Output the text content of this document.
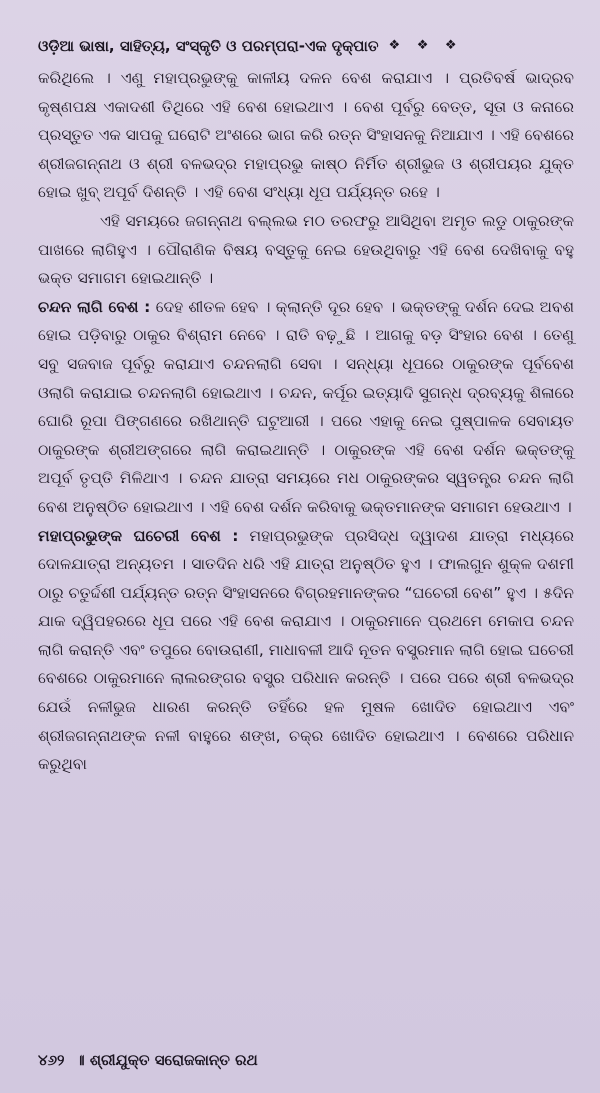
ଓଡ଼ିଆ ଭାଷା, ସାହିତ୍ୟ, ସଂସ୍କୃତି ଓ ପରମ୍ପରା-ଏକ ଦୃକ୍‌ପାତ ❖ ❖ ❖

କରିଥିଲେ । ଏଣୁ ମହାପ୍ରଭୁଙ୍କୁ କାଳୀୟ ଦଳନ ବେଶ କରାଯାଏ । ପ୍ରତିବର୍ଷ ଭାଦ୍ରବ କୃଷ୍ଣପକ୍ଷ ଏକାଦଶୀ ତିଥିରେ ଏହି ବେଶ ହୋଇଥାଏ । ବେଶ ପୂର୍ବରୁ ବେତ୍ତ, ସୂତା ଓ କନାରେ ପ୍ରସ୍ତୁତ ଏକ ସାପକୁ ଘରୋଟି ଅଂଶରେ ଭାଗ କରି ରତ୍ନ ସିଂହାସନକୁ ନିଆଯାଏ । ଏହି ବେଶରେ ଶ୍ରୀଜଗନ୍ନାଥ ଓ ଶ୍ରୀ ବଳଭଦ୍ର ମହାପ୍ରଭୁ କାଷ୍ଠ ନିର୍ମିତ ଶ୍ରୀଭୁଜ ଓ ଶ୍ରୀପୟର ଯୁକ୍ତ ହୋଇ ଖୁବ୍ ଅପୂର୍ବ ଦିଶନ୍ତି । ଏହି ବେଶ ସଂଧ୍ୟା ଧୂପ ପର୍ଯ୍ୟନ୍ତ ରହେ ।

ଏହି ସମୟରେ ଜଗନ୍ନାଥ ବଲ୍ଲଭ ମଠ ତରଫରୁ ଆସିଥିବା ଅମୃତ ଲଡୁ ଠାକୁରଙ୍କ ପାଖରେ ଲାଗିହୁଏ । ପୌରାଣିକ ବିଷୟ ବସ୍ତୁକୁ ନେଇ ହେଉଥିବାରୁ ଏହି ବେଶ ଦେଖିବାକୁ ବହୁ ଭକ୍ତ ସମାଗମ ହୋଇଥାନ୍ତି ।

ଚନ୍ଦନ ଲାଗି ବେଶ : ଦେହ ଶୀତଳ ହେବ । କ୍ଲାନ୍ତି ଦୂର ହେବ । ଭକ୍ତଙ୍କୁ ଦର୍ଶନ ଦେଇ ଅବଶ ହୋଇ ପଡ଼ିବାରୁ ଠାକୁର ବିଶ୍ରାମ ନେବେ । ରାତି ବଢ଼ୁଛି । ଆଗକୁ ବଡ଼ ସିଂହାର ବେଶ । ତେଣୁ ସବୁ ସଜବାଜ ପୂର୍ବରୁ କରାଯାଏ ଚନ୍ଦନଲାଗି ସେବା । ସନ୍ଧ୍ୟା ଧୂପରେ ଠାକୁରଙ୍କ ପୂର୍ବବେଶ ଓଲାଗି କରାଯାଇ ଚନ୍ଦନଲାଗି ହୋଇଥାଏ । ଚନ୍ଦନ, କର୍ପୂର ଇତ୍ୟାଦି ସୁଗନ୍ଧ ଦ୍ରବ୍ୟକୁ ଶିଳାରେ ଘୋରି ରୂପା ପିଙ୍ଗଣରେ ରଖିଥାନ୍ତି ଘଟୁଆରୀ । ପରେ ଏହାକୁ ନେଇ ପୁଷ୍ପାଳକ ସେବାୟତ ଠାକୁରଙ୍କ ଶ୍ରୀଅଙ୍ଗରେ ଲାଗି କରାଇଥାନ୍ତି । ଠାକୁରଙ୍କ ଏହି ବେଶ ଦର୍ଶନ ଭକ୍ତଙ୍କୁ ଅପୂର୍ବ ତୃପ୍ତି ମିଳିଥାଏ । ଚନ୍ଦନ ଯାତ୍ରା ସମୟରେ ମଧ ଠାକୁରଙ୍କର ସ୍ୱତନ୍ତ୍ର ଚନ୍ଦନ ଲାଗି ବେଶ ଅନୁଷ୍ଠିତ ହୋଇଥାଏ । ଏହି ବେଶ ଦର୍ଶନ କରିବାକୁ ଭକ୍ତମାନଙ୍କ ସମାଗମ ହେଉଥାଏ ।

ମହାପ୍ରଭୁଙ୍କ ଘଚେରୀ ବେଶ : ମହାପ୍ରଭୁଙ୍କ ପ୍ରସିଦ୍ଧ ଦ୍ୱାଦଶ ଯାତ୍ରା ମଧ୍ୟରେ ଦୋଳଯାତ୍ରା ଅନ୍ୟତମ । ସାତଦିନ ଧରି ଏହି ଯାତ୍ରା ଅନୁଷ୍ଠିତ ହୁଏ । ଫାଲଗୁନ ଶୁକ୍ଳ ଦଶମୀ ଠାରୁ ଚତୁର୍ଦ୍ଦଶୀ ପର୍ଯ୍ୟନ୍ତ ରତ୍ନ ସିଂହାସନରେ ବିଗ୍ରହମାନଙ୍କର “ଘଚେରୀ ବେଶ” ହୁଏ । ୫ଦିନ ଯାକ ଦ୍ୱିପହରରେ ଧୂପ ପରେ ଏହି ବେଶ କରାଯାଏ । ଠାକୁରମାନେ ପ୍ରଥମେ ମେକାପ ଚନ୍ଦନ ଲାଗି କରାନ୍ତି ଏବଂ ତପୁରେ ବୋଉରାଣୀ, ମାଧାବଳୀ ଆଦି ନୂତନ ବସ୍ତ୍ରମାନ ଲାଗି ହୋଇ ଘଚେରୀ ବେଶରେ ଠାକୁରମାନେ ଲାଲରଙ୍ଗର ବସ୍ତ୍ର ପରିଧାନ କରନ୍ତି । ପରେ ପରେ ଶ୍ରୀ ବଳଭଦ୍ର ଯେଉଁ ନଳୀଭୁଜ ଧାରଣ କରନ୍ତି ତହିଁରେ ହଳ ମୁଷଳ ଖୋଦିତ ହୋଇଥାଏ ଏବଂ ଶ୍ରୀଜଗନ୍ନାଥଙ୍କ ନଳୀ ବାହୁରେ ଶଙ୍ଖ, ଚକ୍ର ଖୋଦିତ ହୋଇଥାଏ । ବେଶରେ ପରିଧାନ କରୁଥିବା

୪୬୨ ॥ ଶ୍ରୀଯୁକ୍ତ ସରୋଜକାନ୍ତ ରଥ
